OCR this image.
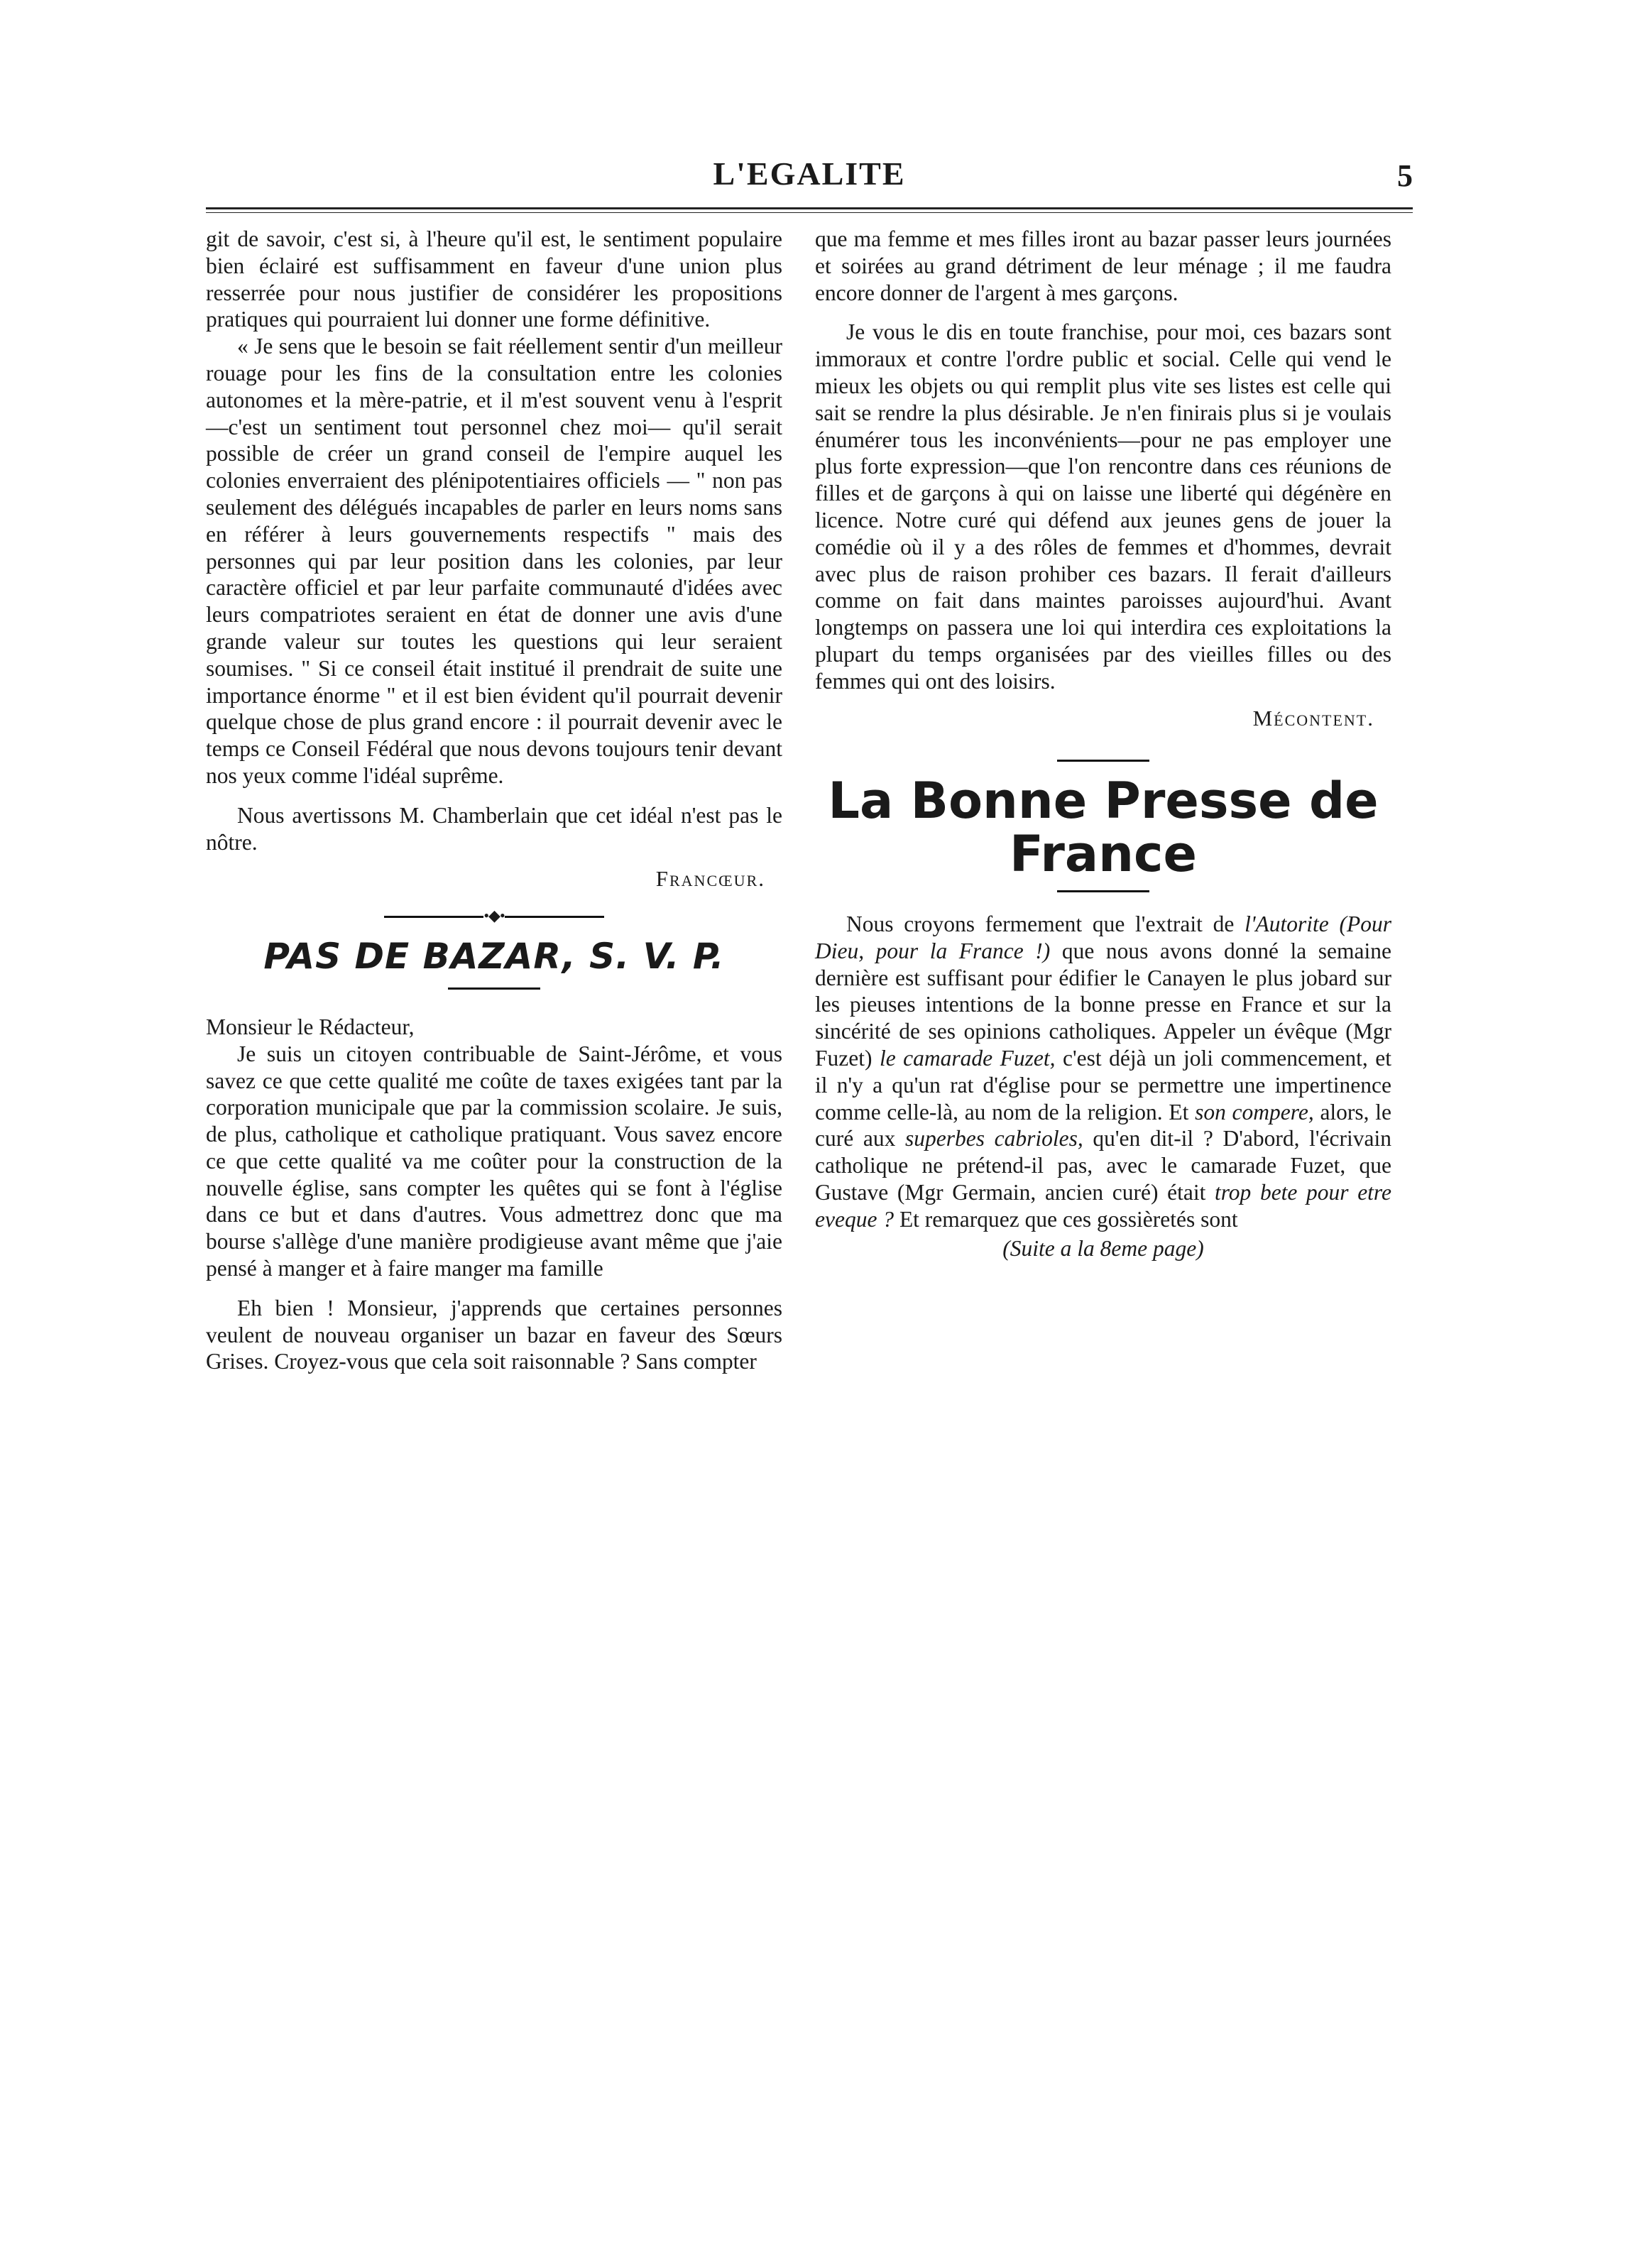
L'EGALITE	5

git de savoir, c'est si, à l'heure qu'il est, le sentiment populaire bien éclairé est suffisamment en faveur d'une union plus resserrée pour nous justifier de considérer les propositions pratiques qui pourraient lui donner une forme définitive.

« Je sens que le besoin se fait réellement sentir d'un meilleur rouage pour les fins de la consultation entre les colonies autonomes et la mère-patrie, et il m'est souvent venu à l'esprit —c'est un sentiment tout personnel chez moi— qu'il serait possible de créer un grand conseil de l'empire auquel les colonies enverraient des plénipotentiaires officiels — " non pas seulement des délégués incapables de parler en leurs noms sans en référer à leurs gouvernements respectifs " mais des personnes qui par leur position dans les colonies, par leur caractère officiel et par leur parfaite communauté d'idées avec leurs compatriotes seraient en état de donner une avis d'une grande valeur sur toutes les questions qui leur seraient soumises. " Si ce conseil était institué il prendrait de suite une importance énorme " et il est bien évident qu'il pourrait devenir quelque chose de plus grand encore : il pourrait devenir avec le temps ce Conseil Fédéral que nous devons toujours tenir devant nos yeux comme l'idéal suprême.

Nous avertissons M. Chamberlain que cet idéal n'est pas le nôtre.

Francœur.
•◆•
PAS DE BAZAR, S. V. P.

Monsieur le Rédacteur,

Je suis un citoyen contribuable de Saint-Jérôme, et vous savez ce que cette qualité me coûte de taxes exigées tant par la corporation municipale que par la commission scolaire. Je suis, de plus, catholique et catholique pratiquant. Vous savez encore ce que cette qualité va me coûter pour la construction de la nouvelle église, sans compter les quêtes qui se font à l'église dans ce but et dans d'autres. Vous admettrez donc que ma bourse s'allège d'une manière prodigieuse avant même que j'aie pensé à manger et à faire manger ma famille

Eh bien ! Monsieur, j'apprends que certaines personnes veulent de nouveau organiser un bazar en faveur des Sœurs Grises. Croyez-vous que cela soit raisonnable ? Sans compter

que ma femme et mes filles iront au bazar passer leurs journées et soirées au grand détriment de leur ménage ; il me faudra encore donner de l'argent à mes garçons.

Je vous le dis en toute franchise, pour moi, ces bazars sont immoraux et contre l'ordre public et social. Celle qui vend le mieux les objets ou qui remplit plus vite ses listes est celle qui sait se rendre la plus désirable. Je n'en finirais plus si je voulais énumérer tous les inconvénients—pour ne pas employer une plus forte expression—que l'on rencontre dans ces réunions de filles et de garçons à qui on laisse une liberté qui dégénère en licence. Notre curé qui défend aux jeunes gens de jouer la comédie où il y a des rôles de femmes et d'hommes, devrait avec plus de raison prohiber ces bazars. Il ferait d'ailleurs comme on fait dans maintes paroisses aujourd'hui. Avant longtemps on passera une loi qui interdira ces exploitations la plupart du temps organisées par des vieilles filles ou des femmes qui ont des loisirs.

Mécontent.
La Bonne Presse de France

Nous croyons fermement que l'extrait de l'Autorite (Pour Dieu, pour la France !) que nous avons donné la semaine dernière est suffisant pour édifier le Canayen le plus jobard sur les pieuses intentions de la bonne presse en France et sur la sincérité de ses opinions catholiques. Appeler un évêque (Mgr Fuzet) le camarade Fuzet, c'est déjà un joli commencement, et il n'y a qu'un rat d'église pour se permettre une impertinence comme celle-là, au nom de la religion. Et son compere, alors, le curé aux superbes cabrioles, qu'en dit-il ? D'abord, l'écrivain catholique ne prétend-il pas, avec le camarade Fuzet, que Gustave (Mgr Germain, ancien curé) était trop bete pour etre eveque ? Et remarquez que ces gossièretés sont

(Suite a la 8eme page)
